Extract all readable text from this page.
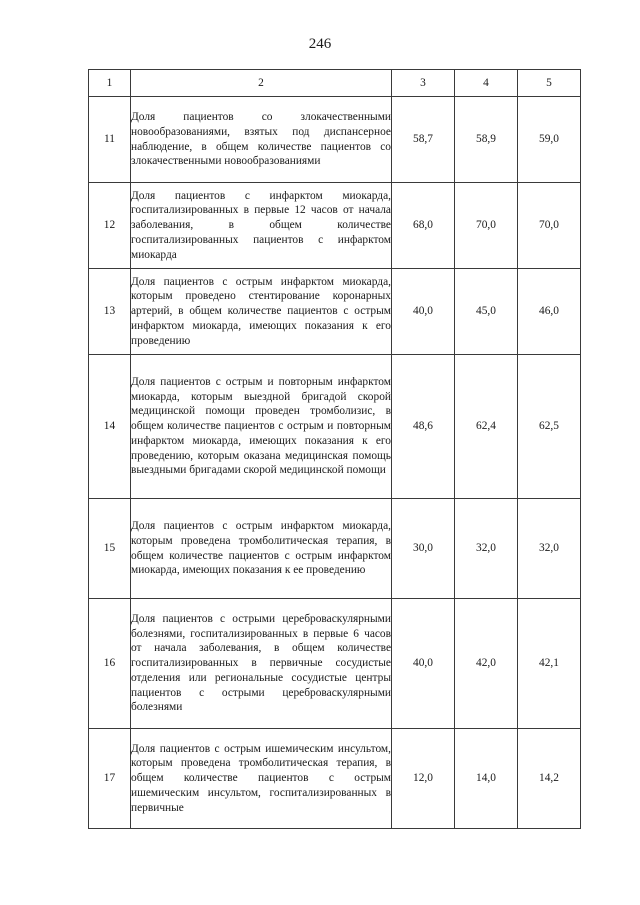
246
1	2	3	4	5
11	Доля пациентов со злокачественными новообразованиями, взятых под диспансерное наблюдение, в общем количестве пациентов со злокачественными новообразованиями	58,7	58,9	59,0
12	Доля пациентов с инфарктом миокарда, госпитализированных в первые 12 часов от начала заболевания, в общем количестве госпитализированных пациентов с инфарктом миокарда	68,0	70,0	70,0
13	Доля пациентов с острым инфарктом миокарда, которым проведено стентирование коронарных артерий, в общем количестве пациентов с острым инфарктом миокарда, имеющих показания к его проведению	40,0	45,0	46,0
14	Доля пациентов с острым и повторным инфарктом миокарда, которым выездной бригадой скорой медицинской помощи проведен тромболизис, в общем количестве пациентов с острым и повторным инфарктом миокарда, имеющих показания к его проведению, которым оказана медицинская помощь выездными бригадами скорой медицинской помощи	48,6	62,4	62,5
15	Доля пациентов с острым инфарктом миокарда, которым проведена тромболитическая терапия, в общем количестве пациентов с острым инфарктом миокарда, имеющих показания к ее проведению	30,0	32,0	32,0
16	Доля пациентов с острыми цереброваскулярными болезнями, госпитализированных в первые 6 часов от начала заболевания, в общем количестве госпитализированных в первичные сосудистые отделения или региональные сосудистые центры пациентов с острыми цереброваскулярными болезнями	40,0	42,0	42,1
17	Доля пациентов с острым ишемическим инсультом, которым проведена тромболитическая терапия, в общем количестве пациентов с острым ишемическим инсультом, госпитализированных в первичные	12,0	14,0	14,2
